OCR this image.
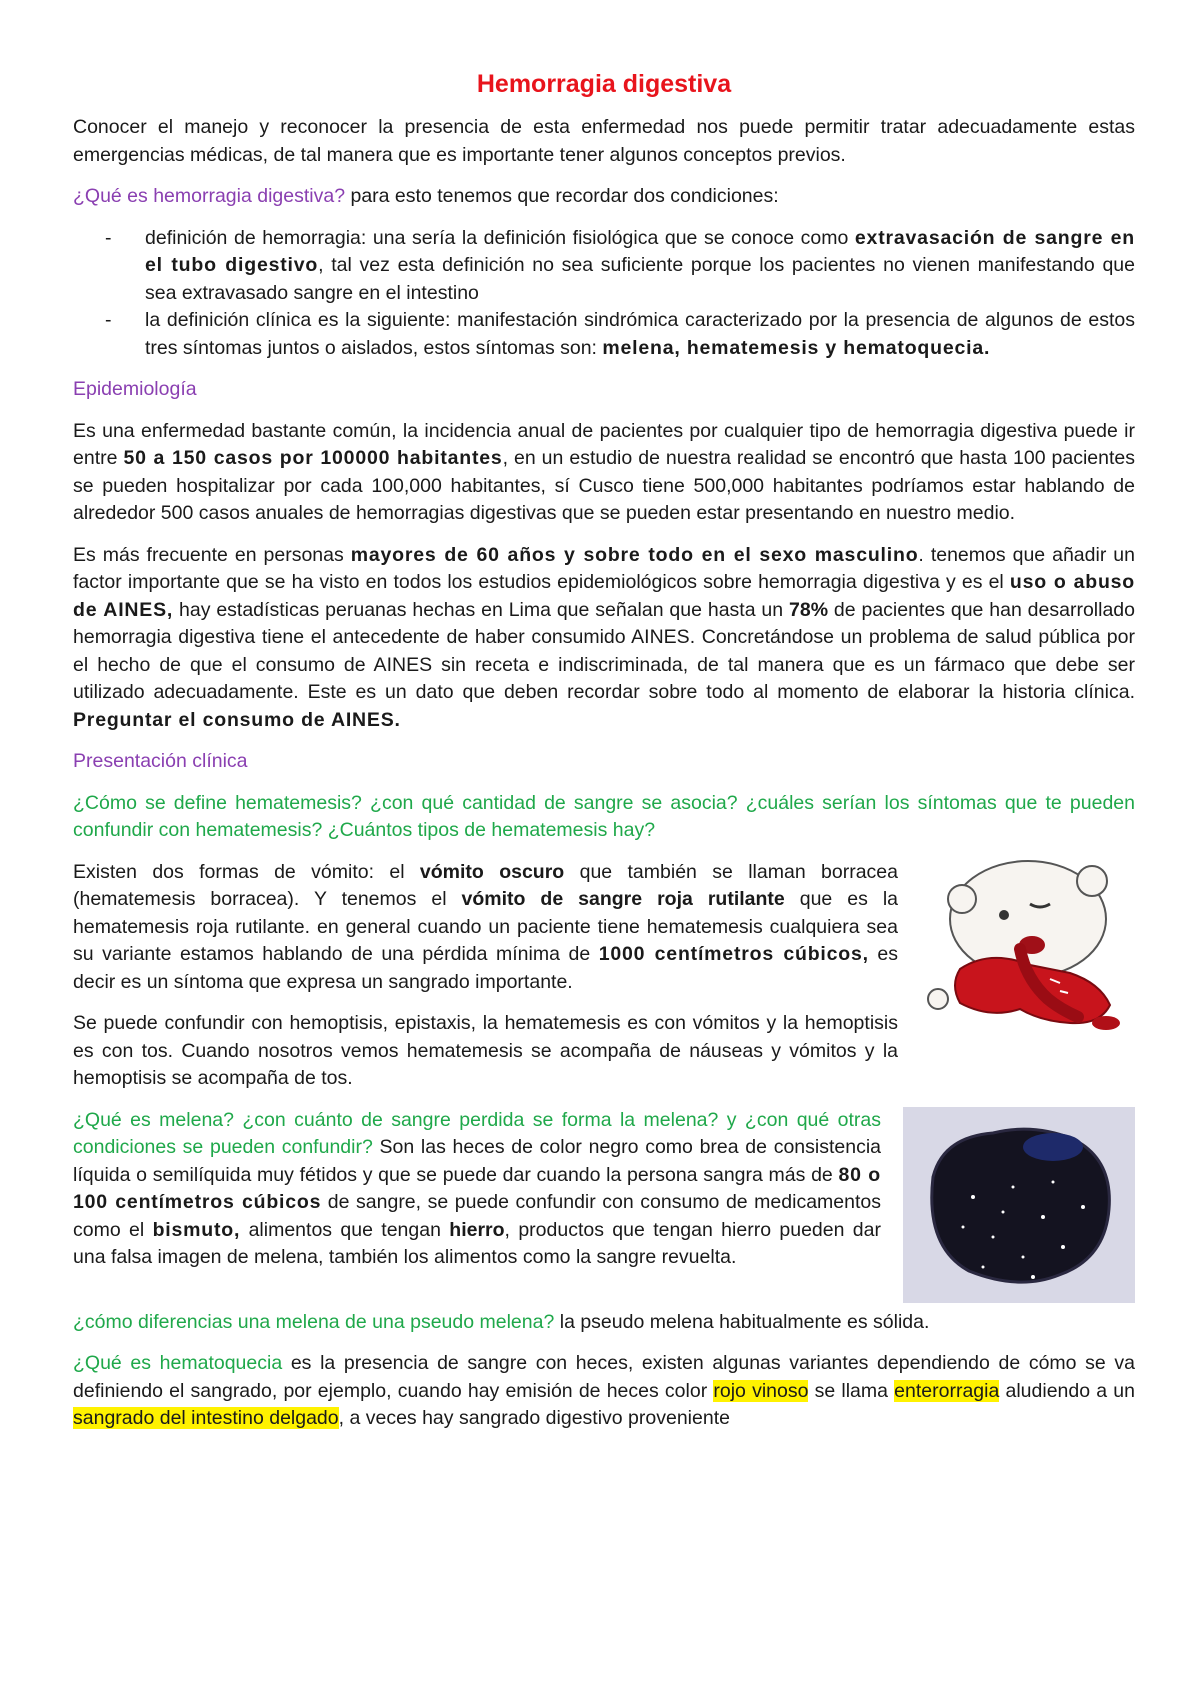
Hemorragia digestiva

Conocer el manejo y reconocer la presencia de esta enfermedad nos puede permitir tratar adecuadamente estas emergencias médicas, de tal manera que es importante tener algunos conceptos previos.

¿Qué es hemorragia digestiva? para esto tenemos que recordar dos condiciones:

- definición de hemorragia: una sería la definición fisiológica que se conoce como extravasación de sangre en el tubo digestivo, tal vez esta definición no sea suficiente porque los pacientes no vienen manifestando que sea extravasado sangre en el intestino
- la definición clínica es la siguiente: manifestación sindrómica caracterizado por la presencia de algunos de estos tres síntomas juntos o aislados, estos síntomas son: melena, hematemesis y hematoquecia.

Epidemiología

Es una enfermedad bastante común, la incidencia anual de pacientes por cualquier tipo de hemorragia digestiva puede ir entre 50 a 150 casos por 100000 habitantes, en un estudio de nuestra realidad se encontró que hasta 100 pacientes se pueden hospitalizar por cada 100,000 habitantes, sí Cusco tiene 500,000 habitantes podríamos estar hablando de alrededor 500 casos anuales de hemorragias digestivas que se pueden estar presentando en nuestro medio.

Es más frecuente en personas mayores de 60 años y sobre todo en el sexo masculino. tenemos que añadir un factor importante que se ha visto en todos los estudios epidemiológicos sobre hemorragia digestiva y es el uso o abuso de AINES, hay estadísticas peruanas hechas en Lima que señalan que hasta un 78% de pacientes que han desarrollado hemorragia digestiva tiene el antecedente de haber consumido AINES. Concretándose un problema de salud pública por el hecho de que el consumo de AINES sin receta e indiscriminada, de tal manera que es un fármaco que debe ser utilizado adecuadamente. Este es un dato que deben recordar sobre todo al momento de elaborar la historia clínica. Preguntar el consumo de AINES.

Presentación clínica

¿Cómo se define hematemesis? ¿con qué cantidad de sangre se asocia? ¿cuáles serían los síntomas que te pueden confundir con hematemesis? ¿Cuántos tipos de hematemesis hay?

Existen dos formas de vómito: el vómito oscuro que también se llaman borracea (hematemesis borracea). Y tenemos el vómito de sangre roja rutilante que es la hematemesis roja rutilante. en general cuando un paciente tiene hematemesis cualquiera sea su variante estamos hablando de una pérdida mínima de 1000 centímetros cúbicos, es decir es un síntoma que expresa un sangrado importante.

Se puede confundir con hemoptisis, epistaxis, la hematemesis es con vómitos y la hemoptisis es con tos. Cuando nosotros vemos hematemesis se acompaña de náuseas y vómitos y la hemoptisis se acompaña de tos.

¿Qué es melena? ¿con cuánto de sangre perdida se forma la melena? y ¿con qué otras condiciones se pueden confundir? Son las heces de color negro como brea de consistencia líquida o semilíquida muy fétidos y que se puede dar cuando la persona sangra más de 80 o 100 centímetros cúbicos de sangre, se puede confundir con consumo de medicamentos como el bismuto, alimentos que tengan hierro, productos que tengan hierro pueden dar una falsa imagen de melena, también los alimentos como la sangre revuelta.

¿cómo diferencias una melena de una pseudo melena? la pseudo melena habitualmente es sólida.

¿Qué es hematoquecia es la presencia de sangre con heces, existen algunas variantes dependiendo de cómo se va definiendo el sangrado, por ejemplo, cuando hay emisión de heces color rojo vinoso se llama enterorragia aludiendo a un sangrado del intestino delgado, a veces hay sangrado digestivo proveniente
